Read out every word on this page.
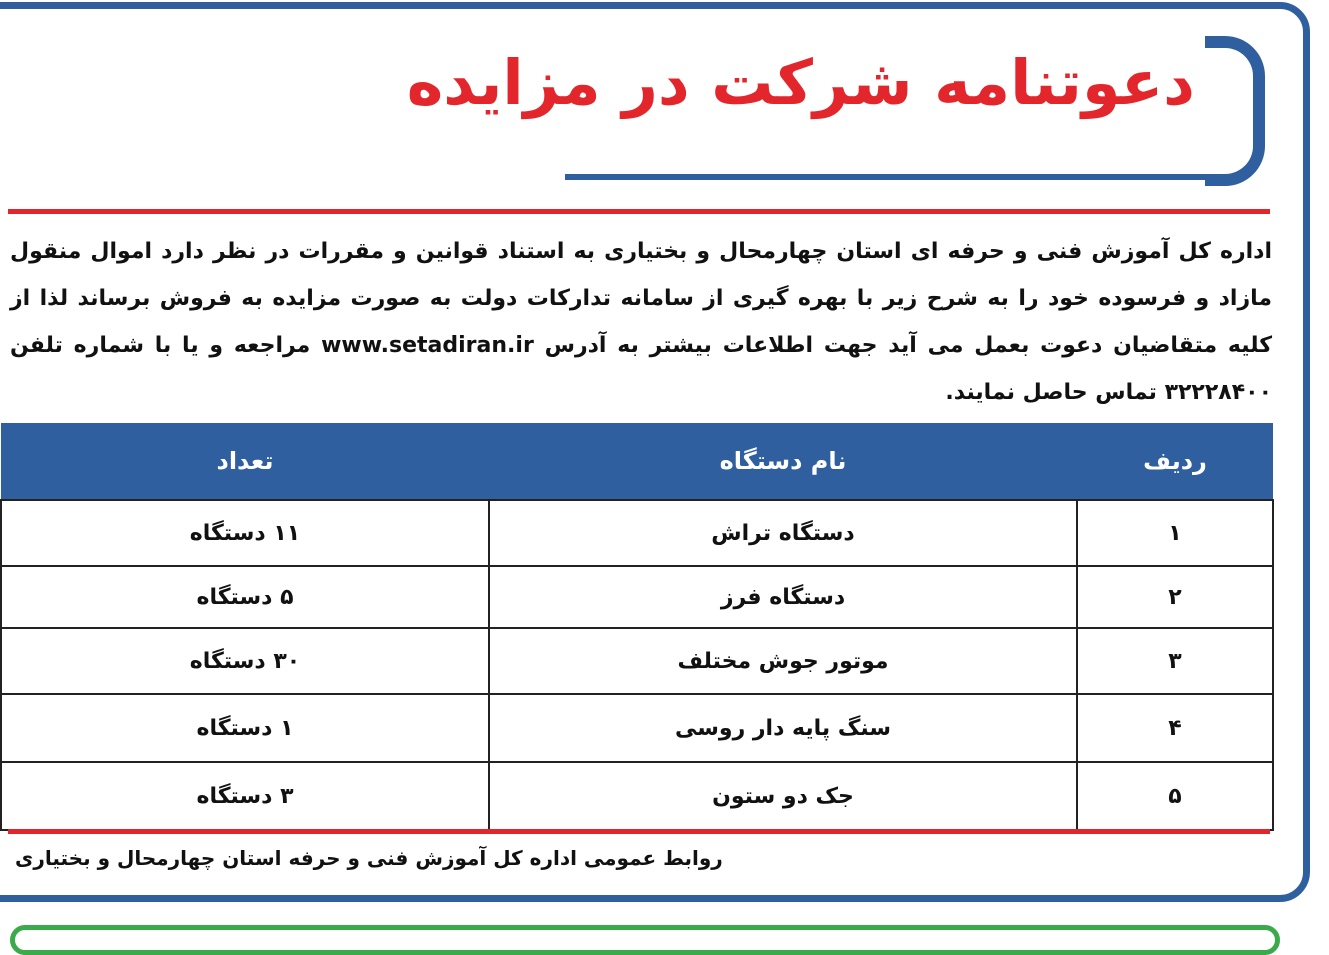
دعوتنامه شرکت در مزایده
اداره کل آموزش فنی و حرفه ای استان چهارمحال و بختیاری به استناد قوانین و مقررات در نظر دارد اموال منقول مازاد و فرسوده خود را به شرح زیر با بهره گیری از سامانه تدارکات دولت به صورت مزایده به فروش برساند لذا از کلیه متقاضیان دعوت بعمل می آید جهت اطلاعات بیشتر به آدرس www.setadiran.ir مراجعه و یا با شماره تلفن ۳۲۲۲۸۴۰۰ تماس حاصل نمایند.
ردیف	نام دستگاه	تعداد
۱	دستگاه تراش	۱۱ دستگاه
۲	دستگاه فرز	۵ دستگاه
۳	موتور جوش مختلف	۳۰ دستگاه
۴	سنگ پایه دار روسی	۱ دستگاه
۵	جک دو ستون	۳ دستگاه
روابط عمومی اداره کل آموزش فنی و حرفه استان چهارمحال و بختیاری
